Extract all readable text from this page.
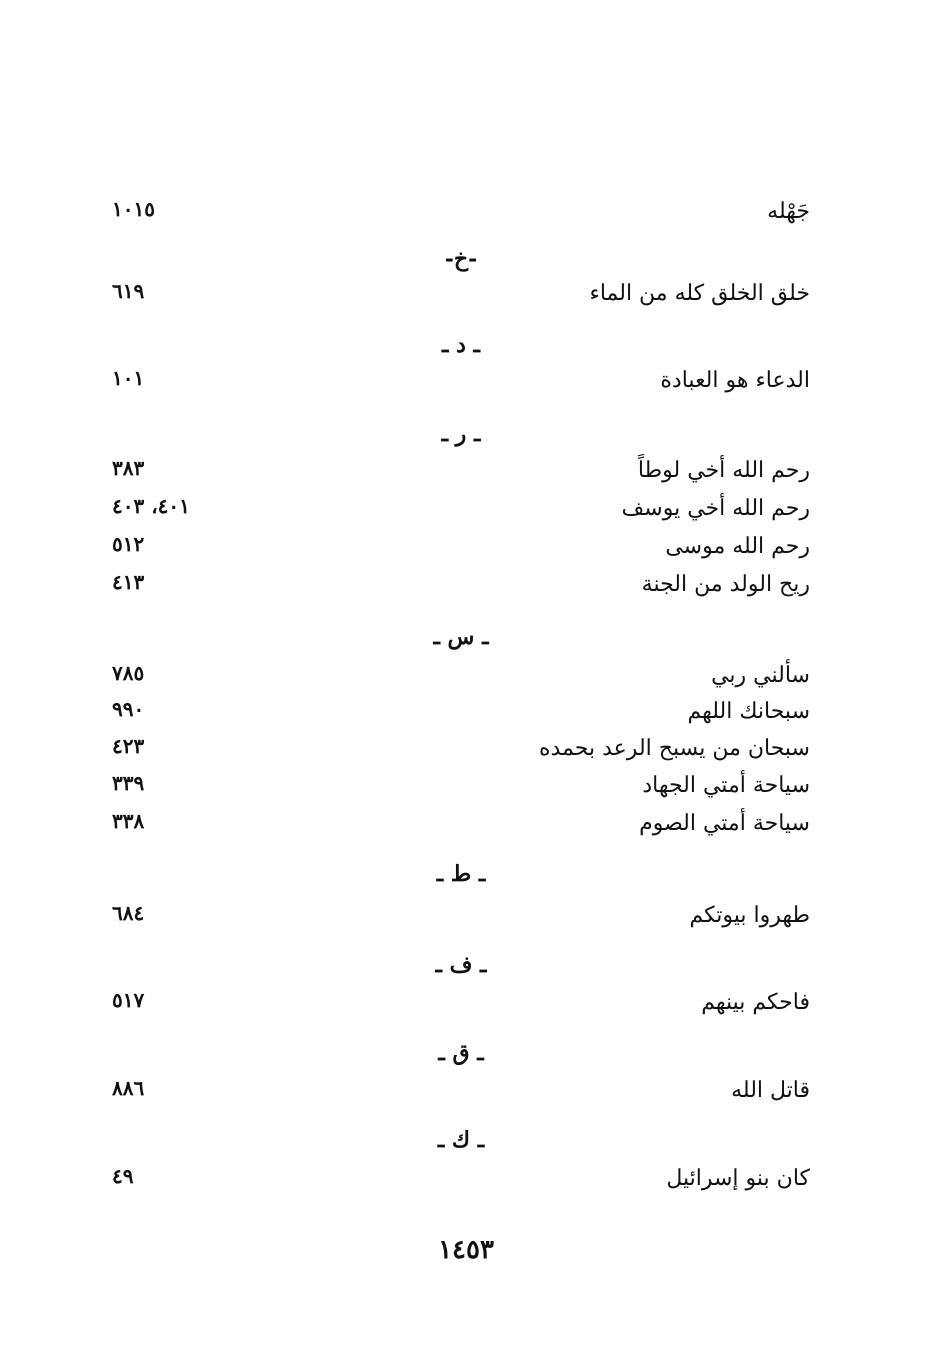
جَهْله
١٠١٥
-خ-
خلق الخلق كله من الماء
٦١٩
ـ د ـ
الدعاء هو العبادة
١٠١
ـ ر ـ
رحم الله أخي لوطاً
٣٨٣
رحم الله أخي يوسف
٤٠١، ٤٠٣
رحم الله موسى
٥١٢
ريح الولد من الجنة
٤١٣
ـ س ـ
سألني ربي
٧٨٥
سبحانك اللهم
٩٩٠
سبحان من يسبح الرعد بحمده
٤٢٣
سياحة أمتي الجهاد
٣٣٩
سياحة أمتي الصوم
٣٣٨
ـ ط ـ
طهروا بيوتكم
٦٨٤
ـ ف ـ
فاحكم بينهم
٥١٧
ـ ق ـ
قاتل الله
٨٨٦
ـ ك ـ
كان بنو إسرائيل
٤٩
١٤٥٣
